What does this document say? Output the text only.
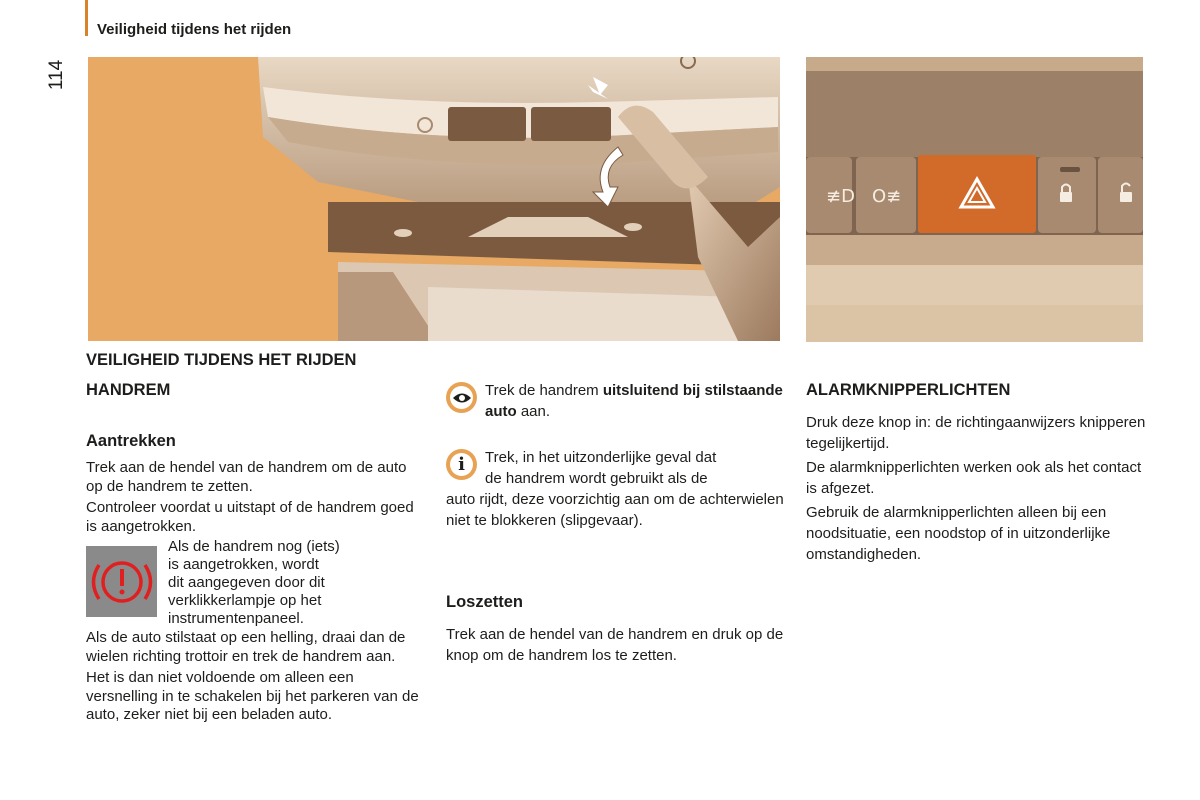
Veiligheid tijdens het rijden
114
≢D O≢
VEILIGHEID TIJDENS HET RIJDEN
HANDREM
Aantrekken

Trek aan de hendel van de handrem om de auto op de handrem te zetten.

Controleer voordat u uitstapt of de handrem goed is aangetrokken.

Als de handrem nog (iets)
is aangetrokken, wordt
dit aangegeven door dit
verklikkerlampje op het
instrumentenpaneel.

Als de auto stilstaat op een helling, draai dan de wielen richting trottoir en trek de handrem aan.

Het is dan niet voldoende om alleen een versnelling in te schakelen bij het parkeren van de auto, zeker niet bij een beladen auto.

Trek de handrem uitsluitend bij stilstaande auto aan.
i Trek, in het uitzonderlijke geval dat
de handrem wordt gebruikt als de
auto rijdt, deze voorzichtig aan om de achterwielen niet te blokkeren (slipgevaar).
Loszetten

Trek aan de hendel van de handrem en druk op de knop om de handrem los te zetten.

ALARMKNIPPERLICHTEN

Druk deze knop in: de richtingaanwijzers knipperen tegelijkertijd.

De alarmknipperlichten werken ook als het contact is afgezet.

Gebruik de alarmknipperlichten alleen bij een noodsituatie, een noodstop of in uitzonderlijke omstandigheden.
